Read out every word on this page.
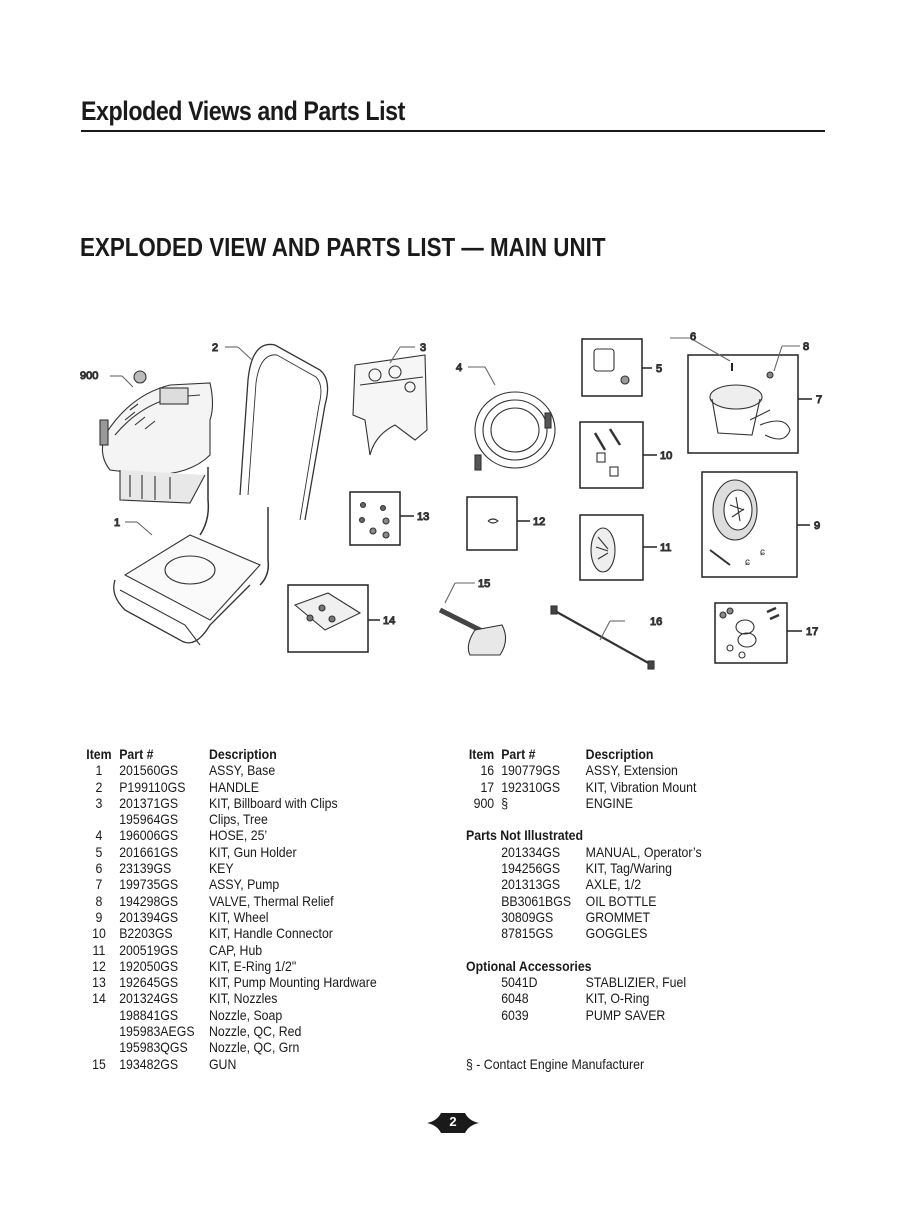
Exploded Views and Parts List
EXPLODED VIEW AND PARTS LIST — MAIN UNIT
900
2	3
4	5
6
8
7
10
13	12
11	ɕ
ɕ
9
1
14
15
16
17
Item Part #	Description
1	201560GS	ASSY, Base
2	P199110GS	HANDLE
3	201371GS	KIT, Billboard with Clips
195964GS	Clips, Tree
4	196006GS	HOSE, 25’
5	201661GS	KIT, Gun Holder
6	23139GS	KEY
7	199735GS	ASSY, Pump
8	194298GS	VALVE, Thermal Relief
9	201394GS	KIT, Wheel
10 B2203GS	KIT, Handle Connector
11 200519GS	CAP, Hub
12 192050GS	KIT, E-Ring 1/2"
13 192645GS	KIT, Pump Mounting Hardware
14 201324GS	KIT, Nozzles
198841GS	Nozzle, Soap
195983AEGS	Nozzle, QC, Red
195983QGS	Nozzle, QC, Grn
15 193482GS	GUN
Item Part #	Description
16 190779GS	ASSY, Extension
17 192310GS	KIT, Vibration Mount
900 §	ENGINE
Parts Not Illustrated
201334GS	MANUAL, Operator’s
194256GS	KIT, Tag/Waring
201313GS	AXLE, 1/2
BB3061BGS	OIL BOTTLE
30809GS	GROMMET
87815GS	GOGGLES
Optional Accessories
5041D	STABLIZIER, Fuel
6048	KIT, O-Ring
6039	PUMP SAVER
§ - Contact Engine Manufacturer
2
